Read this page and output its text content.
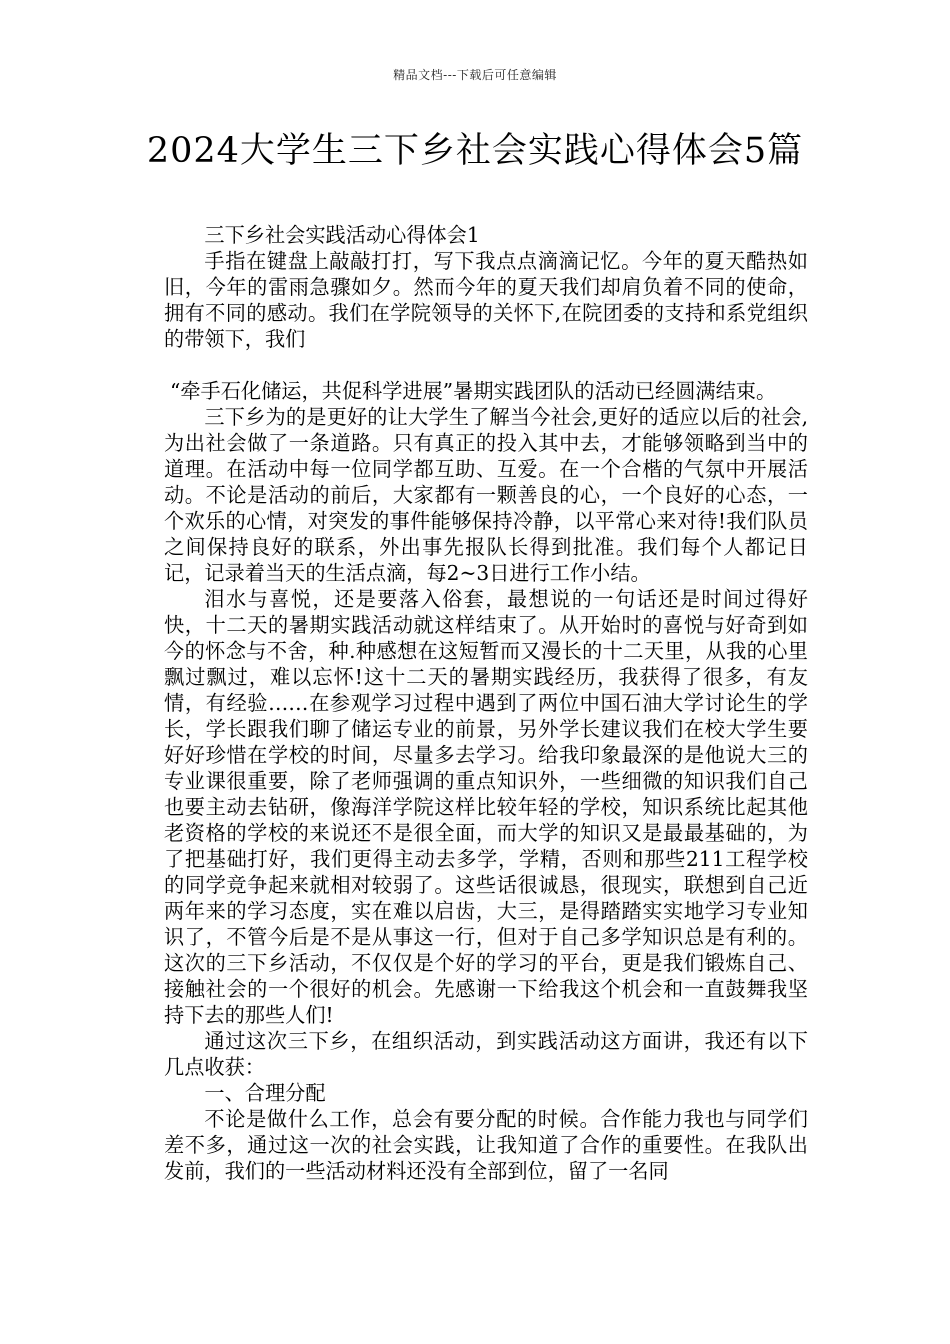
精品文档---下载后可任意编辑
2024大学生三下乡社会实践心得体会5篇

三下乡社会实践活动心得体会1

手指在键盘上敲敲打打，写下我点点滴滴记忆。今年的夏天酷热如旧，今年的雷雨急骤如夕。然而今年的夏天我们却肩负着不同的使命，拥有不同的感动。我们在学院领导的关怀下,在院团委的支持和系党组织的带领下，我们

“牵手石化储运，共促科学进展”暑期实践团队的活动已经圆满结束。

三下乡为的是更好的让大学生了解当今社会,更好的适应以后的社会,为出社会做了一条道路。只有真正的投入其中去，才能够领略到当中的道理。在活动中每一位同学都互助、互爱。在一个合楷的气氛中开展活动。不论是活动的前后，大家都有一颗善良的心，一个良好的心态，一个欢乐的心情，对突发的事件能够保持冷静，以平常心来对待!我们队员之间保持良好的联系，外出事先报队长得到批准。我们每个人都记日记，记录着当天的生活点滴，每2~3日进行工作小结。

泪水与喜悦，还是要落入俗套，最想说的一句话还是时间过得好快，十二天的暑期实践活动就这样结束了。从开始时的喜悦与好奇到如今的怀念与不舍，种.种感想在这短暂而又漫长的十二天里，从我的心里飘过飘过，难以忘怀!这十二天的暑期实践经历，我获得了很多，有友情，有经验……在参观学习过程中遇到了两位中国石油大学讨论生的学长，学长跟我们聊了储运专业的前景，另外学长建议我们在校大学生要好好珍惜在学校的时间，尽量多去学习。给我印象最深的是他说大三的专业课很重要，除了老师强调的重点知识外，一些细微的知识我们自己也要主动去钻研，像海洋学院这样比较年轻的学校，知识系统比起其他老资格的学校的来说还不是很全面，而大学的知识又是最最基础的，为了把基础打好，我们更得主动去多学，学精，否则和那些211工程学校的同学竞争起来就相对较弱了。这些话很诚恳，很现实，联想到自己近两年来的学习态度，实在难以启齿，大三，是得踏踏实实地学习专业知识了，不管今后是不是从事这一行，但对于自己多学知识总是有利的。这次的三下乡活动，不仅仅是个好的学习的平台，更是我们锻炼自己、接触社会的一个很好的机会。先感谢一下给我这个机会和一直鼓舞我坚持下去的那些人们!

通过这次三下乡，在组织活动，到实践活动这方面讲，我还有以下几点收获：

一、合理分配

不论是做什么工作，总会有要分配的时候。合作能力我也与同学们差不多，通过这一次的社会实践，让我知道了合作的重要性。在我队出发前，我们的一些活动材料还没有全部到位，留了一名同
